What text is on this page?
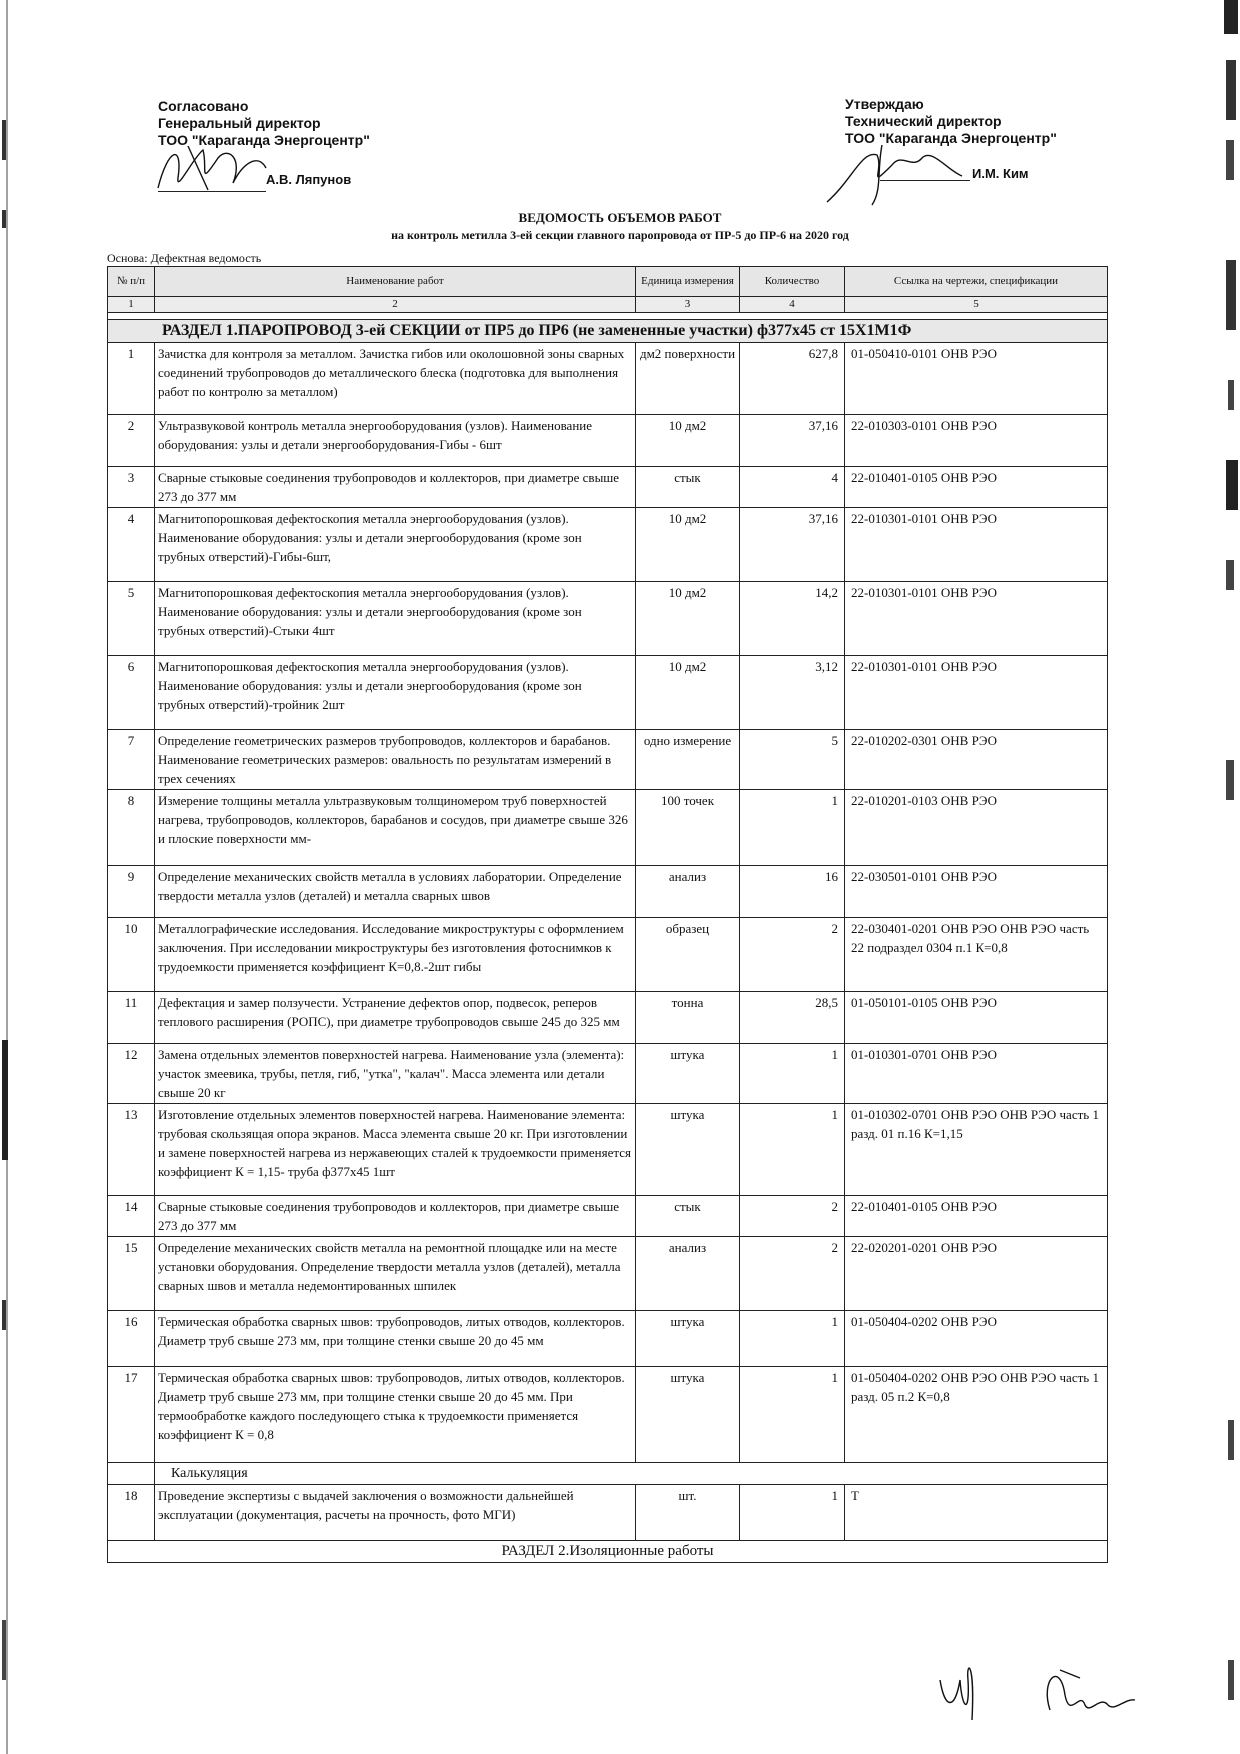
Согласовано
Генеральный директор
ТОО "Караганда Энергоцентр"
А.В. Ляпунов
Утверждаю
Технический директор
ТОО "Караганда Энергоцентр"
И.М. Ким
ВЕДОМОСТЬ ОБЪЕМОВ РАБОТ
на контроль метилла 3-ей секции главного паропровода от ПР-5 до ПР-6 на 2020 год
Основа: Дефектная ведомость
№ п/п	Наименование работ	Единица измерения	Количество	Ссылка на чертежи, спецификации
1	2	3	4	5

РАЗДЕЛ 1.ПАРОПРОВОД 3-ей СЕКЦИИ от ПР5 до ПР6 (не замененные участки) ф377х45 ст 15Х1М1Ф				
1	Зачистка для контроля за металлом. Зачистка гибов или околошовной зоны сварных соединений трубопроводов до металлического блеска (подготовка для выполнения работ по контролю за металлом)	дм2 поверхности	627,8	01-050410-0101 ОНВ РЭО
2	Ультразвуковой контроль металла энергооборудования (узлов). Наименование оборудования: узлы и детали энергооборудования-Гибы - 6шт	10 дм2	37,16	22-010303-0101 ОНВ РЭО
3	Сварные стыковые соединения трубопроводов и коллекторов, при диаметре свыше 273 до 377 мм	стык	4	22-010401-0105 ОНВ РЭО
4	Магнитопорошковая дефектоскопия металла энергооборудования (узлов). Наименование оборудования: узлы и детали энергооборудования (кроме зон трубных отверстий)-Гибы-6шт,	10 дм2	37,16	22-010301-0101 ОНВ РЭО
5	Магнитопорошковая дефектоскопия металла энергооборудования (узлов). Наименование оборудования: узлы и детали энергооборудования (кроме зон трубных отверстий)-Стыки 4шт	10 дм2	14,2	22-010301-0101 ОНВ РЭО
6	Магнитопорошковая дефектоскопия металла энергооборудования (узлов). Наименование оборудования: узлы и детали энергооборудования (кроме зон трубных отверстий)-тройник 2шт	10 дм2	3,12	22-010301-0101 ОНВ РЭО
7	Определение геометрических размеров трубопроводов, коллекторов и барабанов. Наименование геометрических размеров: овальность по результатам измерений в трех сечениях	одно измерение	5	22-010202-0301 ОНВ РЭО
8	Измерение толщины металла ультразвуковым толщиномером труб поверхностей нагрева, трубопроводов, коллекторов, барабанов и сосудов, при диаметре свыше 326 и плоские поверхности мм-	100 точек	1	22-010201-0103 ОНВ РЭО
9	Определение механических свойств металла в условиях лаборатории. Определение твердости металла узлов (деталей) и металла сварных швов	анализ	16	22-030501-0101 ОНВ РЭО
10	Металлографические исследования. Исследование микроструктуры с оформлением заключения. При исследовании микроструктуры без изготовления фотоснимков к трудоемкости применяется коэффициент К=0,8.-2шт гибы	образец	2	22-030401-0201 ОНВ РЭО ОНВ РЭО часть 22 подраздел 0304 п.1 К=0,8
11	Дефектация и замер ползучести. Устранение дефектов опор, подвесок, реперов теплового расширения (РОПС), при диаметре трубопроводов свыше 245 до 325 мм	тонна	28,5	01-050101-0105 ОНВ РЭО
12	Замена отдельных элементов поверхностей нагрева. Наименование узла (элемента): участок змеевика, трубы, петля, гиб, "утка", "калач". Масса элемента или детали свыше 20 кг	штука	1	01-010301-0701 ОНВ РЭО
13	Изготовление отдельных элементов поверхностей нагрева. Наименование элемента: трубовая скользящая опора экранов. Масса элемента свыше 20 кг. При изготовлении и замене поверхностей нагрева из нержавеющих сталей к трудоемкости применяется коэффициент К = 1,15- труба ф377х45 1шт	штука	1	01-010302-0701 ОНВ РЭО ОНВ РЭО часть 1 разд. 01 п.16 К=1,15
14	Сварные стыковые соединения трубопроводов и коллекторов, при диаметре свыше 273 до 377 мм	стык	2	22-010401-0105 ОНВ РЭО
15	Определение механических свойств металла на ремонтной площадке или на месте установки оборудования. Определение твердости металла узлов (деталей), металла сварных швов и металла недемонтированных шпилек	анализ	2	22-020201-0201 ОНВ РЭО
16	Термическая обработка сварных швов: трубопроводов, литых отводов, коллекторов. Диаметр труб свыше 273 мм, при толщине стенки свыше 20 до 45 мм	штука	1	01-050404-0202 ОНВ РЭО
17	Термическая обработка сварных швов: трубопроводов, литых отводов, коллекторов. Диаметр труб свыше 273 мм, при толщине стенки свыше 20 до 45 мм. При термообработке каждого последующего стыка к трудоемкости применяется коэффициент К = 0,8	штука	1	01-050404-0202 ОНВ РЭО ОНВ РЭО часть 1 разд. 05 п.2 К=0,8
	Калькуляция			
18	Проведение экспертизы с выдачей заключения о возможности дальнейшей эксплуатации (документация, расчеты на прочность, фото МГИ)	шт.	1	Т
РАЗДЕЛ 2.Изоляционные работы				
